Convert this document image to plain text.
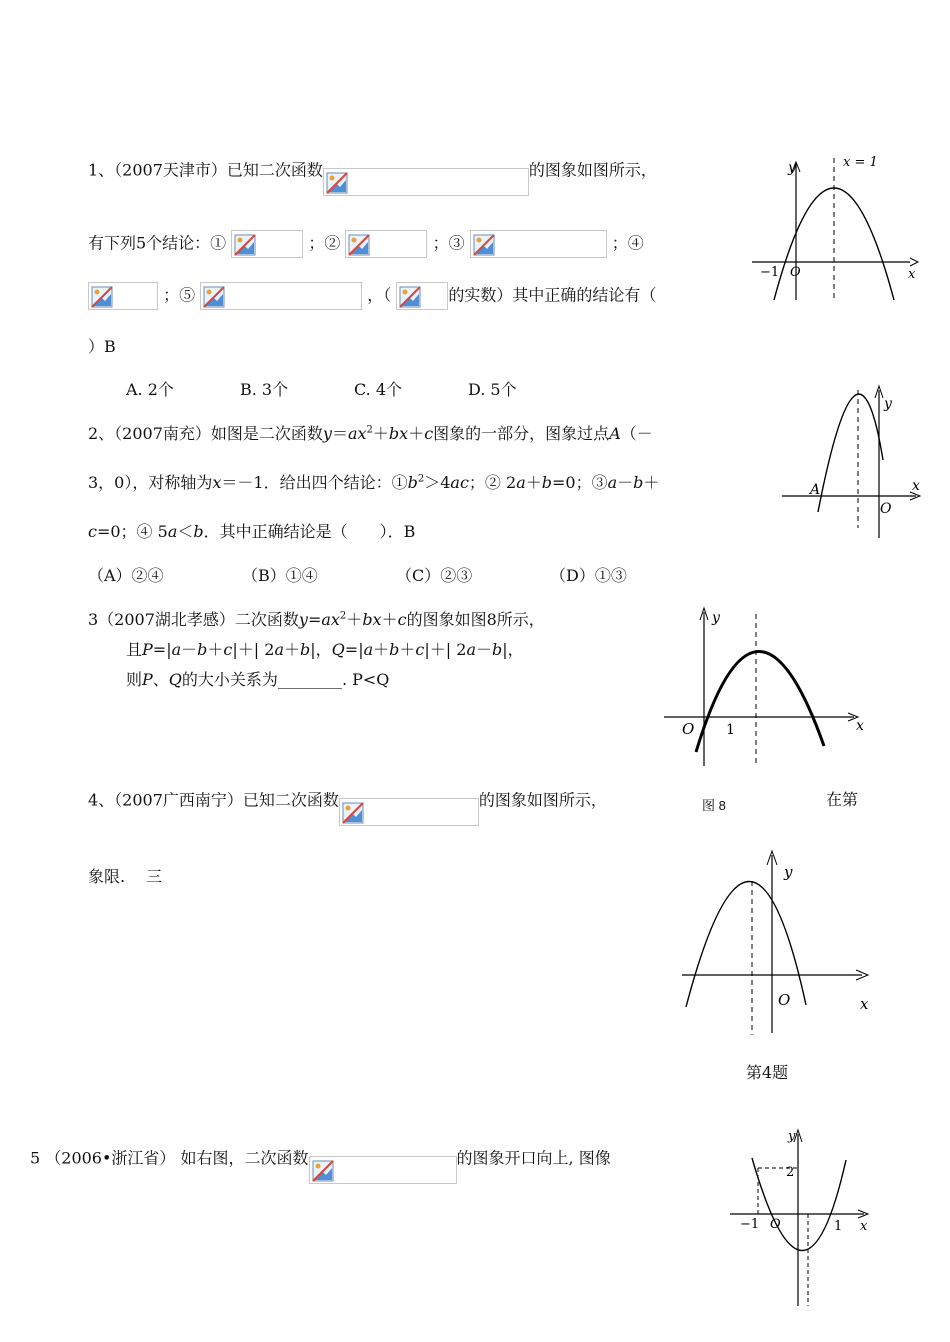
1、（2007天津市）已知二次函数	的图象如图所示，
有下列5个结论：①	；②	；③	；④
；⑤	，（	的实数）其中正确的结论有（
）B
A. 2个	B. 3个	C. 4个	D. 5个
y	x = 1
−1 O	x
2、（2007南充）如图是二次函数$y=ax^2+bx+c$图象的一部分，图象过点A（－
3，0），对称轴为x＝－1．给出四个结论：$①b^2>4ac$；② 2a＋b=0；③a－b＋
c=0；④ 5a＜b．其中正确结论是（　　）．B
（A）②④	（B）①④	（C）②③	（D）①③
y
A	x
O
3（2007湖北孝感）二次函数$y=ax^2+bx+c$的图象如图8所示，
且P=|a－b＋c|＋| 2a＋b|，Q=|a＋b＋c|＋| 2a－b|，
则P、Q的大小关系为________. P<Q
y
O 1	x
图 8
4、（2007广西南宁）已知二次函数	的图象如图所示，	在第
象限.　 三	y
O	x
第4题
5 （2006•浙江省） 如右图，二次函数	的图象开口向上, 图像
y
2
−1 O	1 x
